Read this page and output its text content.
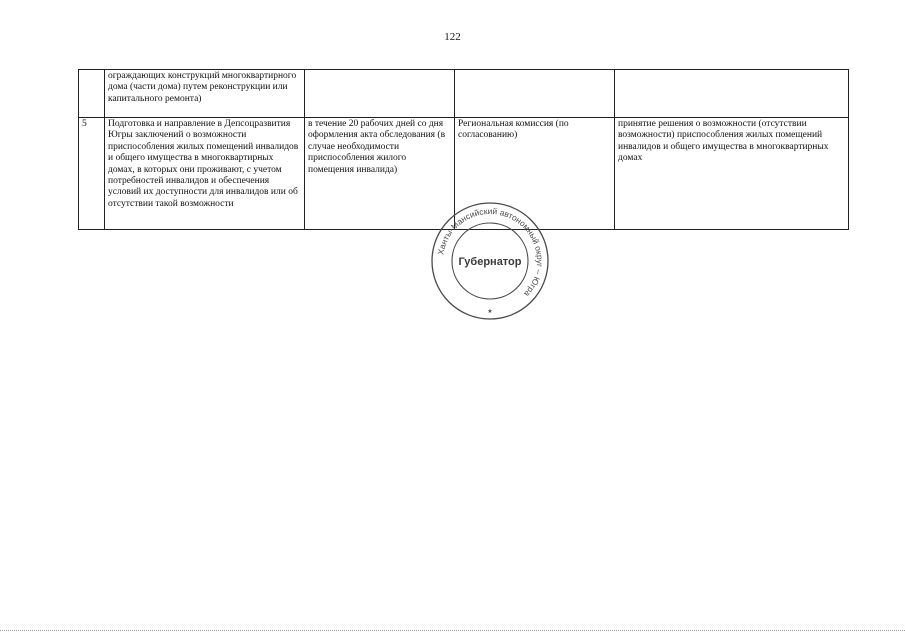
122
	ограждающих конструкций многоквартирного дома (части дома) путем реконструкции или капитального ремонта)			
5	Подготовка и направление в Депсоцразвития Югры заключений о возможности приспособления жилых помещений инвалидов и общего имущества в многоквартирных домах, в которых они проживают, с учетом потребностей инвалидов и обеспечения условий их доступности для инвалидов или об отсутствии такой возможности	в течение 20 рабочих дней со дня оформления акта обследования (в случае необходимости приспособления жилого помещения инвалида)	Региональная комиссия (по согласованию)	принятие решения о возможности (отсутствии возможности) приспособления жилых помещений инвалидов и общего имущества в многоквартирных домах
Ханты-Мансийский автономный округ – Югра
Губернатор
★
